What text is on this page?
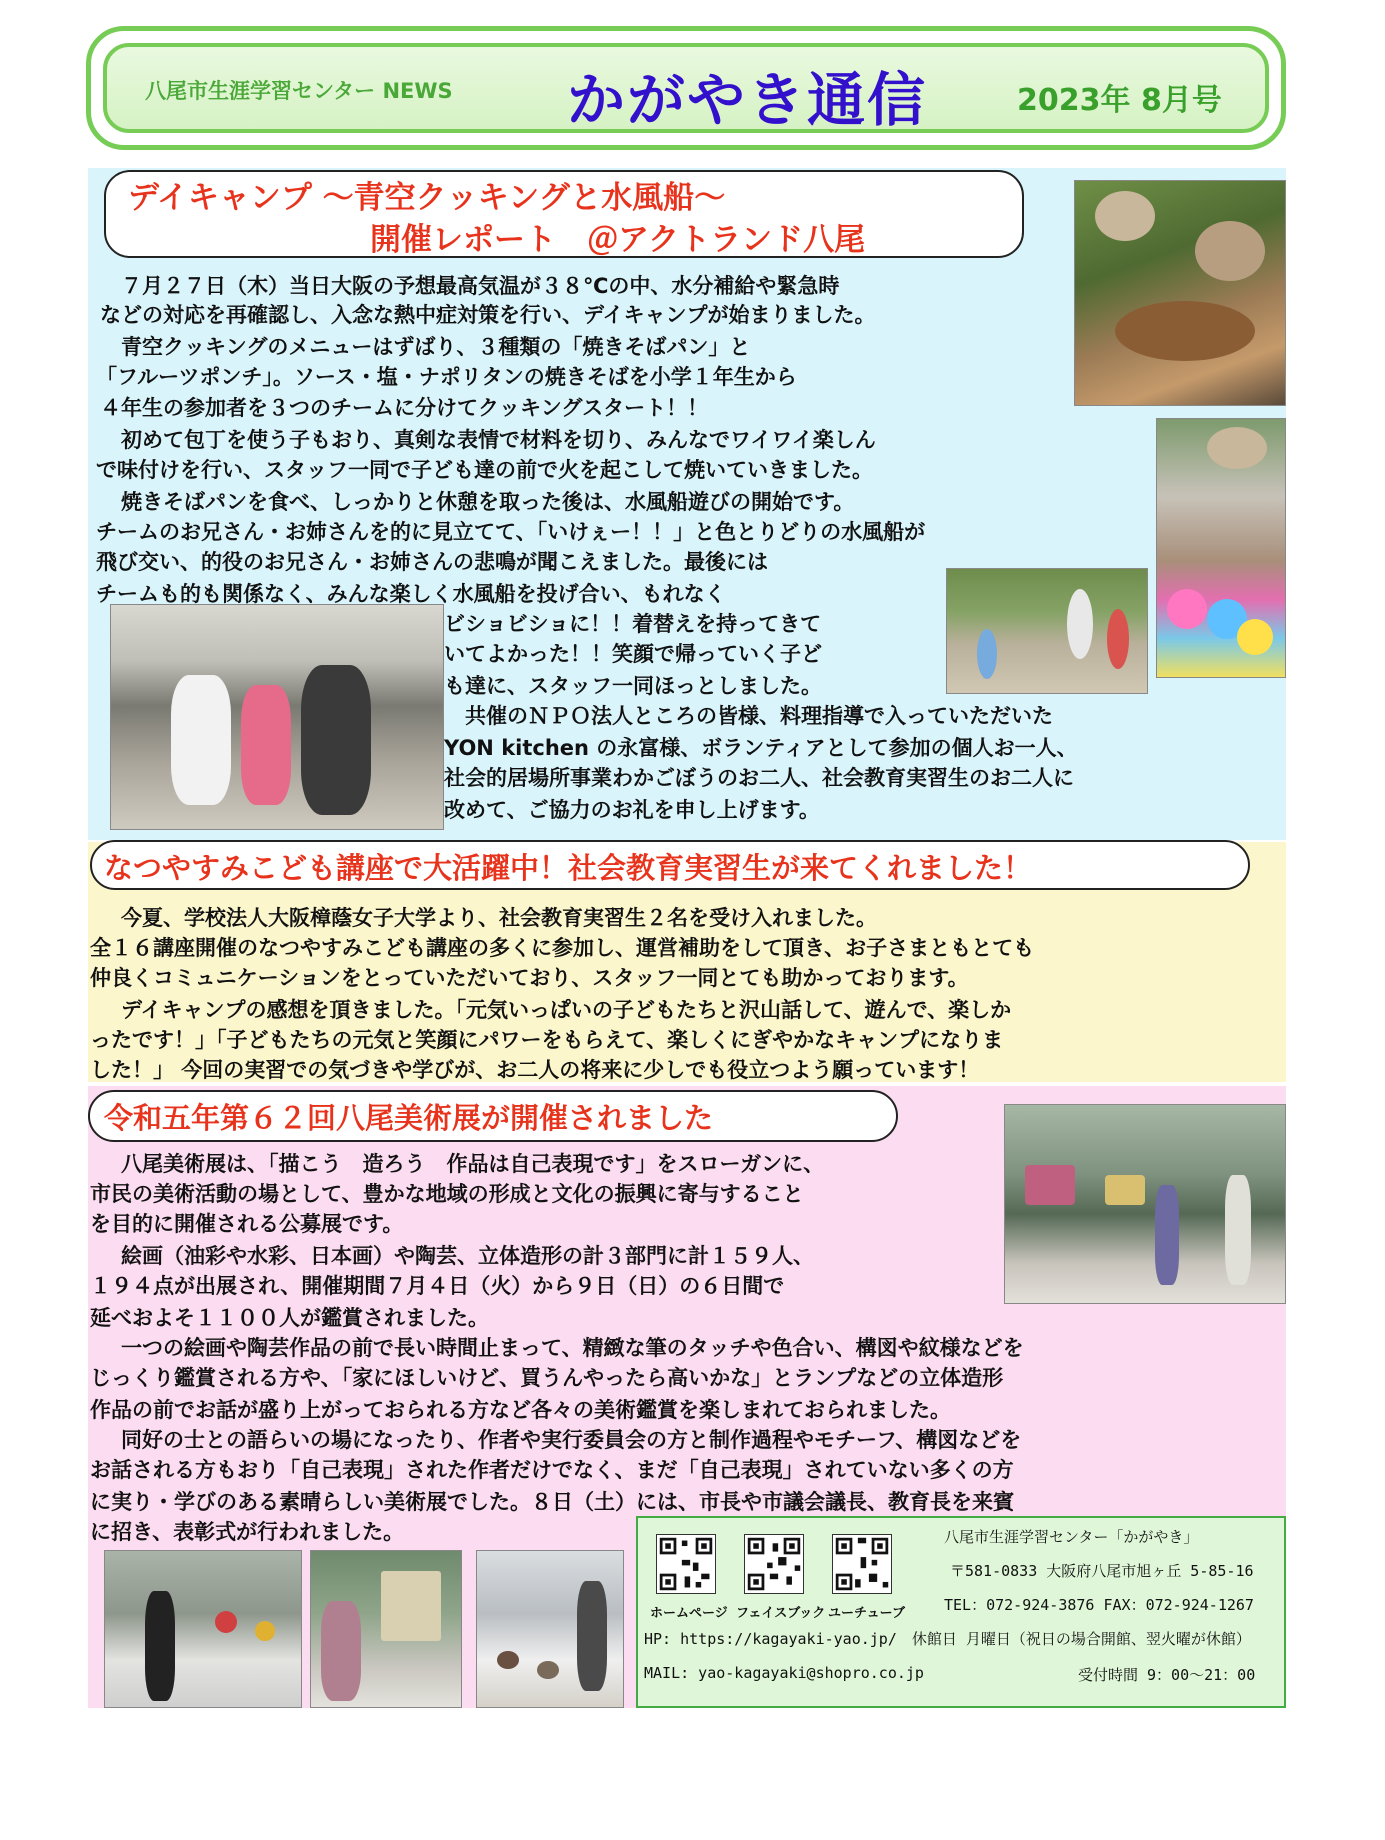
八尾市生涯学習センター NEWS かがやき通信	2023年 8月号
デイキャンプ ～青空クッキングと水風船～
開催レポート　＠アクトランド八尾
　７月２７日（木）当日大阪の予想最高気温が３８℃の中、水分補給や緊急時
などの対応を再確認し、入念な熱中症対策を行い、デイキャンプが始まりました。
　青空クッキングのメニューはずばり、３種類の「焼きそばパン」と
「フルーツポンチ」。ソース・塩・ナポリタンの焼きそばを小学１年生から
４年生の参加者を３つのチームに分けてクッキングスタート！！
　初めて包丁を使う子もおり、真剣な表情で材料を切り、みんなでワイワイ楽しん
で味付けを行い、スタッフ一同で子ども達の前で火を起こして焼いていきました。
　焼きそばパンを食べ、しっかりと休憩を取った後は、水風船遊びの開始です。
チームのお兄さん・お姉さんを的に見立てて、「いけぇー！！」と色とりどりの水風船が
飛び交い、的役のお兄さん・お姉さんの悲鳴が聞こえました。最後には
チームも的も関係なく、みんな楽しく水風船を投げ合い、もれなく
ビショビショに！！着替えを持ってきて
いてよかった！！笑顔で帰っていく子ど
も達に、スタッフ一同ほっとしました。
　共催のＮＰＯ法人ところの皆様、料理指導で入っていただいた
YON kitchen の永富様、ボランティアとして参加の個人お一人、
社会的居場所事業わかごぼうのお二人、社会教育実習生のお二人に
改めて、ご協力のお礼を申し上げます。
なつやすみこども講座で大活躍中！社会教育実習生が来てくれました！
　今夏、学校法人大阪樟蔭女子大学より、社会教育実習生２名を受け入れました。
全１６講座開催のなつやすみこども講座の多くに参加し、運営補助をして頂き、お子さまともとても
仲良くコミュニケーションをとっていただいており、スタッフ一同とても助かっております。
　デイキャンプの感想を頂きました。「元気いっぱいの子どもたちと沢山話して、遊んで、楽しか
ったです！」「子どもたちの元気と笑顔にパワーをもらえて、楽しくにぎやかなキャンプになりま
した！」 今回の実習での気づきや学びが、お二人の将来に少しでも役立つよう願っています！
令和五年第６２回八尾美術展が開催されました
　八尾美術展は、「描こう　造ろう　作品は自己表現です」をスローガンに、
市民の美術活動の場として、豊かな地域の形成と文化の振興に寄与すること
を目的に開催される公募展です。
　絵画（油彩や水彩、日本画）や陶芸、立体造形の計３部門に計１５９人、
１９４点が出展され、開催期間７月４日（火）から９日（日）の６日間で
延べおよそ１１００人が鑑賞されました。
　一つの絵画や陶芸作品の前で長い時間止まって、精緻な筆のタッチや色合い、構図や紋様などを
じっくり鑑賞される方や、「家にほしいけど、買うんやったら高いかな」とランプなどの立体造形
作品の前でお話が盛り上がっておられる方など各々の美術鑑賞を楽しまれておられました。
　同好の士との語らいの場になったり、作者や実行委員会の方と制作過程やモチーフ、構図などを
お話される方もおり「自己表現」された作者だけでなく、まだ「自己表現」されていない多くの方
に実り・学びのある素晴らしい美術展でした。８日（土）には、市長や市議会議長、教育長を来賓
に招き、表彰式が行われました。
ホームページ フェイスブック ユーチューブ
八尾市生涯学習センター「かがやき」
〒581-0833 大阪府八尾市旭ヶ丘 5-85-16
TEL：072-924-3876 FAX：072-924-1267
HP: https://kagayaki-yao.jp/　休館日 月曜日（祝日の場合開館、翌火曜が休館）
MAIL: yao-kagayaki@shopro.co.jp	受付時間 9：00～21：00
